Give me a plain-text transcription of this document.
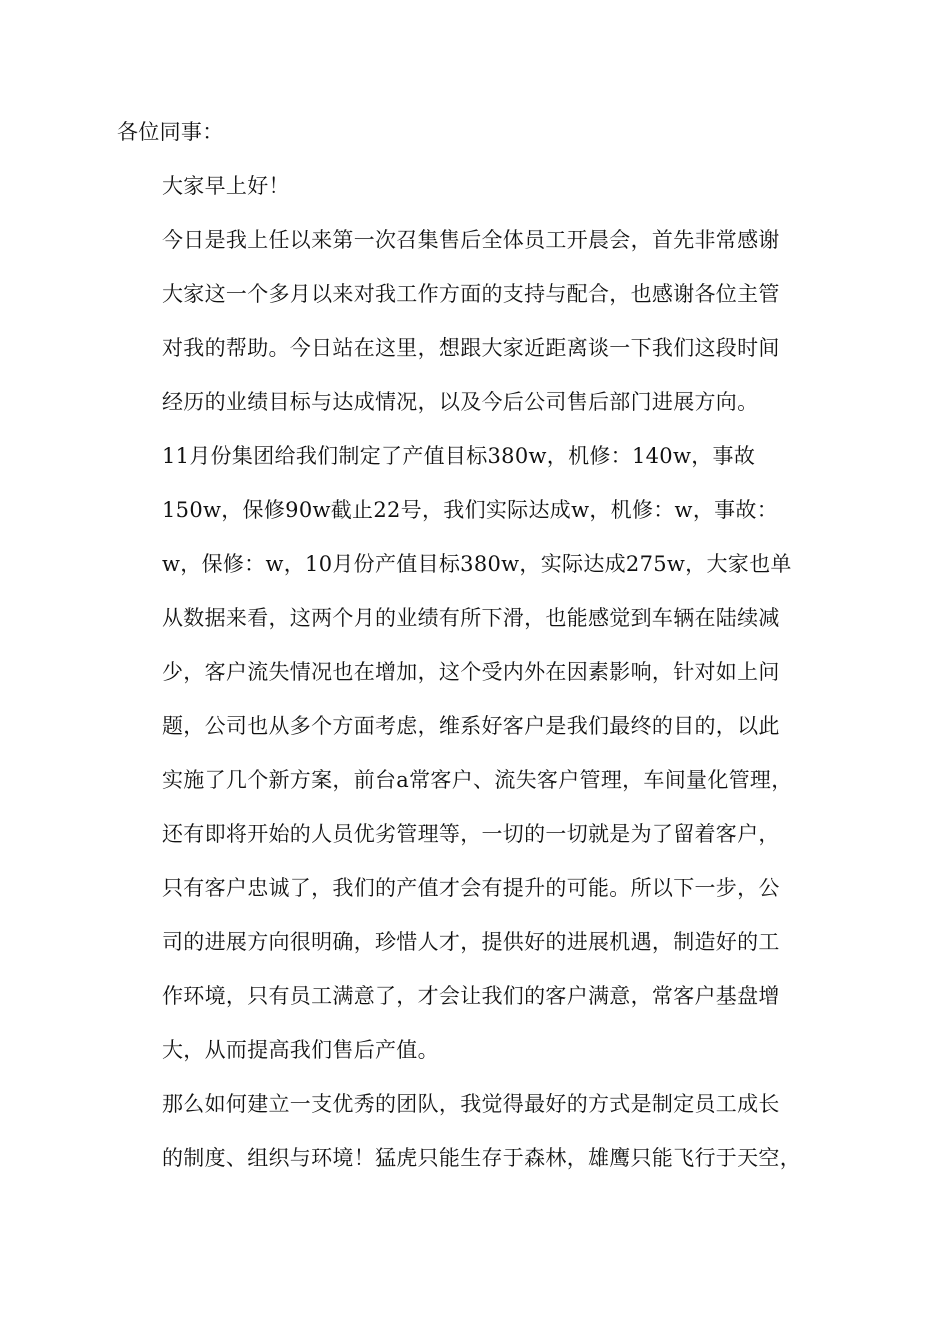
各位同事：
大家早上好！
今日是我上任以来第一次召集售后全体员工开晨会，首先非常感谢
大家这一个多月以来对我工作方面的支持与配合，也感谢各位主管
对我的帮助。今日站在这里，想跟大家近距离谈一下我们这段时间
经历的业绩目标与达成情况，以及今后公司售后部门进展方向。
11月份集团给我们制定了产值目标380w，机修：140w，事故
150w，保修90w截止22号，我们实际达成w，机修：w，事故：
w，保修：w，10月份产值目标380w，实际达成275w，大家也单
从数据来看，这两个月的业绩有所下滑，也能感觉到车辆在陆续减
少，客户流失情况也在增加，这个受内外在因素影响，针对如上问
题，公司也从多个方面考虑，维系好客户是我们最终的目的，以此
实施了几个新方案，前台a常客户、流失客户管理，车间量化管理，
还有即将开始的人员优劣管理等，一切的一切就是为了留着客户，
只有客户忠诚了，我们的产值才会有提升的可能。所以下一步，公
司的进展方向很明确，珍惜人才，提供好的进展机遇，制造好的工
作环境，只有员工满意了，才会让我们的客户满意，常客户基盘增
大，从而提高我们售后产值。
那么如何建立一支优秀的团队，我觉得最好的方式是制定员工成长
的制度、组织与环境！猛虎只能生存于森林，雄鹰只能飞行于天空，
